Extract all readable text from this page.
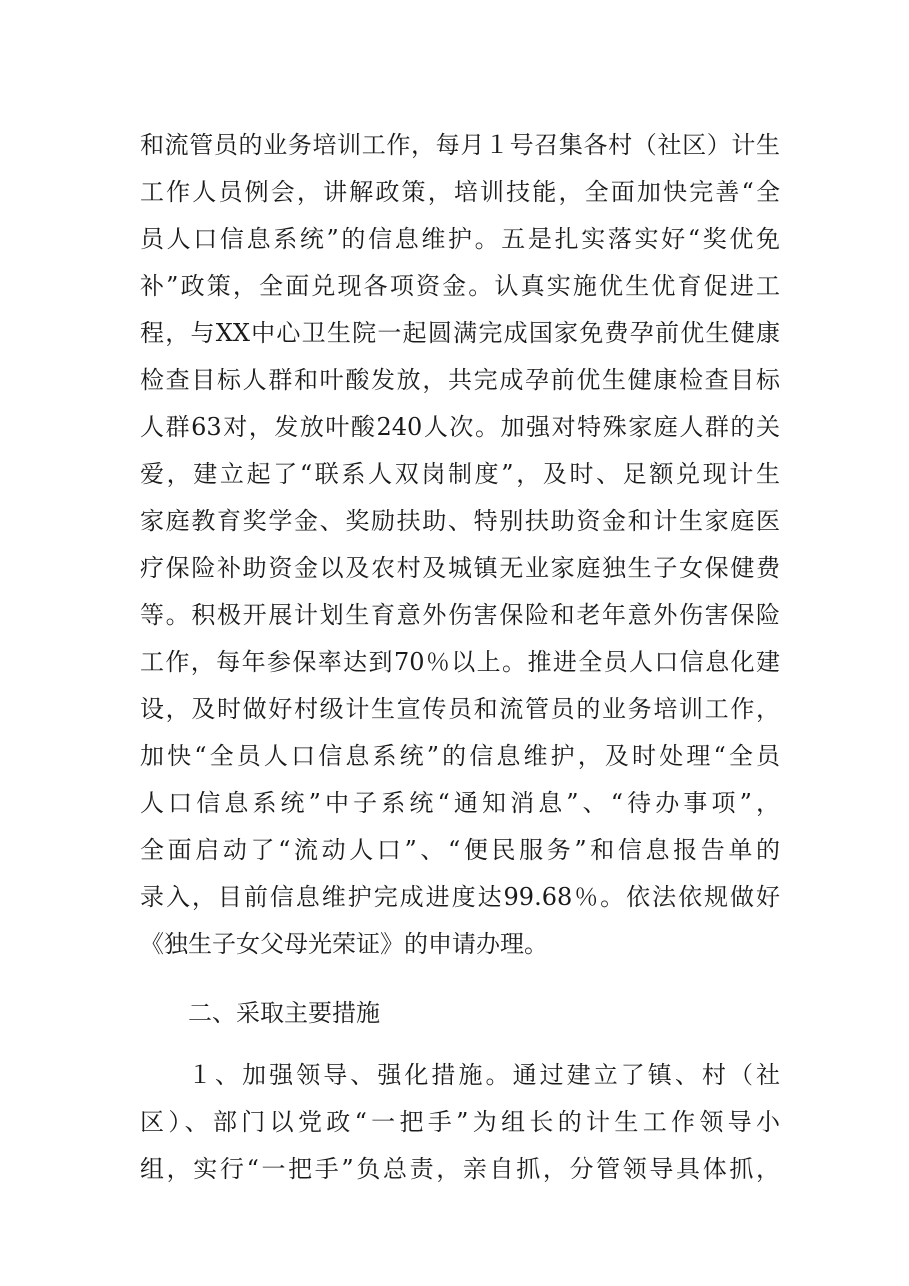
和流管员的业务培训工作，每月１号召集各村（社区）计生
工作人员例会，讲解政策，培训技能，全面加快完善“全
员人口信息系统”的信息维护。五是扎实落实好“奖优免
补”政策，全面兑现各项资金。认真实施优生优育促进工
程，与XX中心卫生院一起圆满完成国家免费孕前优生健康
检查目标人群和叶酸发放，共完成孕前优生健康检查目标
人群63对，发放叶酸240人次。加强对特殊家庭人群的关
爱，建立起了“联系人双岗制度”，及时、足额兑现计生
家庭教育奖学金、奖励扶助、特别扶助资金和计生家庭医
疗保险补助资金以及农村及城镇无业家庭独生子女保健费
等。积极开展计划生育意外伤害保险和老年意外伤害保险
工作，每年参保率达到70％以上。推进全员人口信息化建
设，及时做好村级计生宣传员和流管员的业务培训工作，
加快“全员人口信息系统”的信息维护，及时处理“全员
人口信息系统”中子系统“通知消息”、“待办事项”，
全面启动了“流动人口”、“便民服务”和信息报告单的
录入，目前信息维护完成进度达99.68％。依法依规做好
《独生子女父母光荣证》的申请办理。
二、采取主要措施
１、加强领导、强化措施。通过建立了镇、村（社
区）、部门以党政“一把手”为组长的计生工作领导小
组，实行“一把手”负总责，亲自抓，分管领导具体抓，
